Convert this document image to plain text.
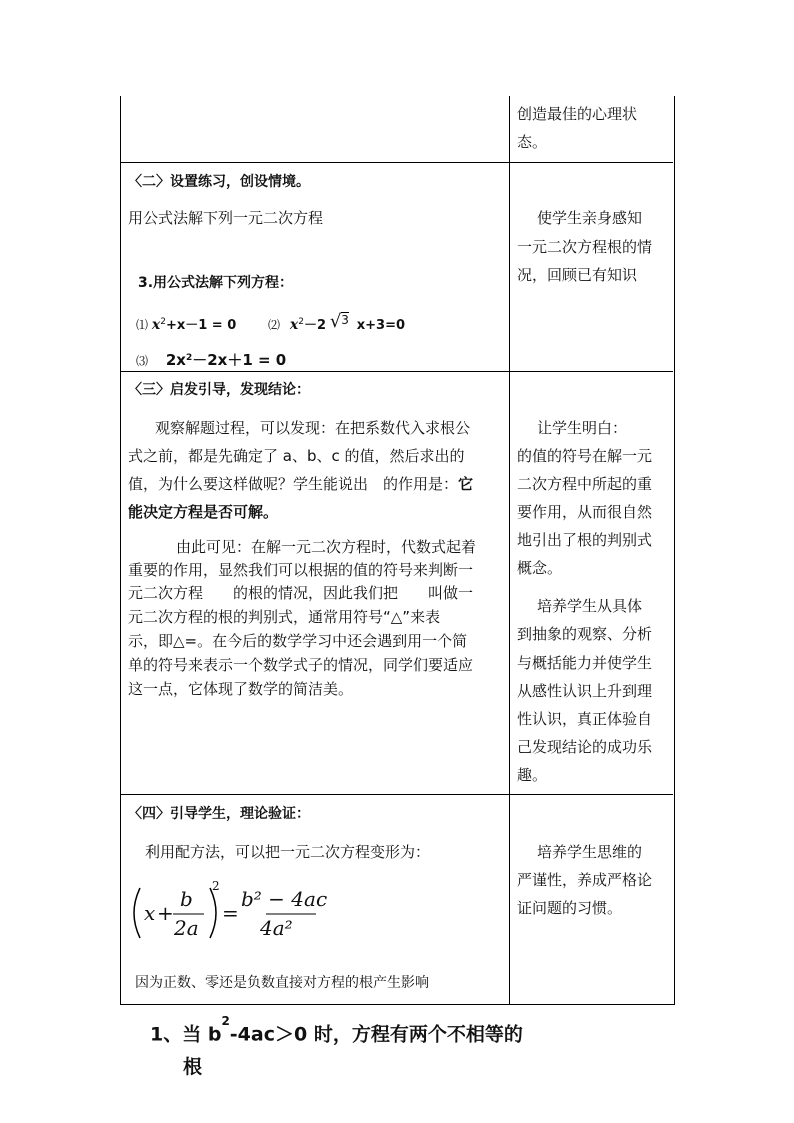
创造最佳的心理状
态。
〈二〉设置练习，创设情境。
用公式法解下列一元二次方程
3.用公式法解下列方程：
⑴ $x^2+x-1 = 0$	⑵ $x^2-2$ √3 x+3=0
⑶ $2x^2-2x+1 = 0$
使学生亲身感知
一元二次方程根的情
况，回顾已有知识
〈三〉启发引导，发现结论：
观察解题过程，可以发现：在把系数代入求根公
式之前，都是先确定了 a、b、c 的值，然后求出的
值，为什么要这样做呢？学生能说出　的作用是：它
能决定方程是否可解。
由此可见：在解一元二次方程时，代数式起着
重要的作用，显然我们可以根据的值的符号来判断一
元二次方程　　的根的情况，因此我们把　　叫做一
元二次方程的根的判别式，通常用符号“△”来表
示，即△=。在今后的数学学习中还会遇到用一个简
单的符号来表示一个数学式子的情况，同学们要适应
这一点，它体现了数学的简洁美。
让学生明白：
的值的符号在解一元
二次方程中所起的重
要作用，从而很自然
地引出了根的判别式
概念。
培养学生从具体
到抽象的观察、分析
与概括能力并使学生
从感性认识上升到理
性认识，真正体验自
己发现结论的成功乐
趣。
〈四〉引导学生，理论验证：
利用配方法，可以把一元二次方程变形为：
x +
b
2a
2
=
b² − 4ac
4a²
因为正数、零还是负数直接对方程的根产生影响
培养学生思维的
严谨性，养成严格论
证问题的习惯。
1、当 $b^2-4ac>0$ 时，方程有两个不相等的
根
